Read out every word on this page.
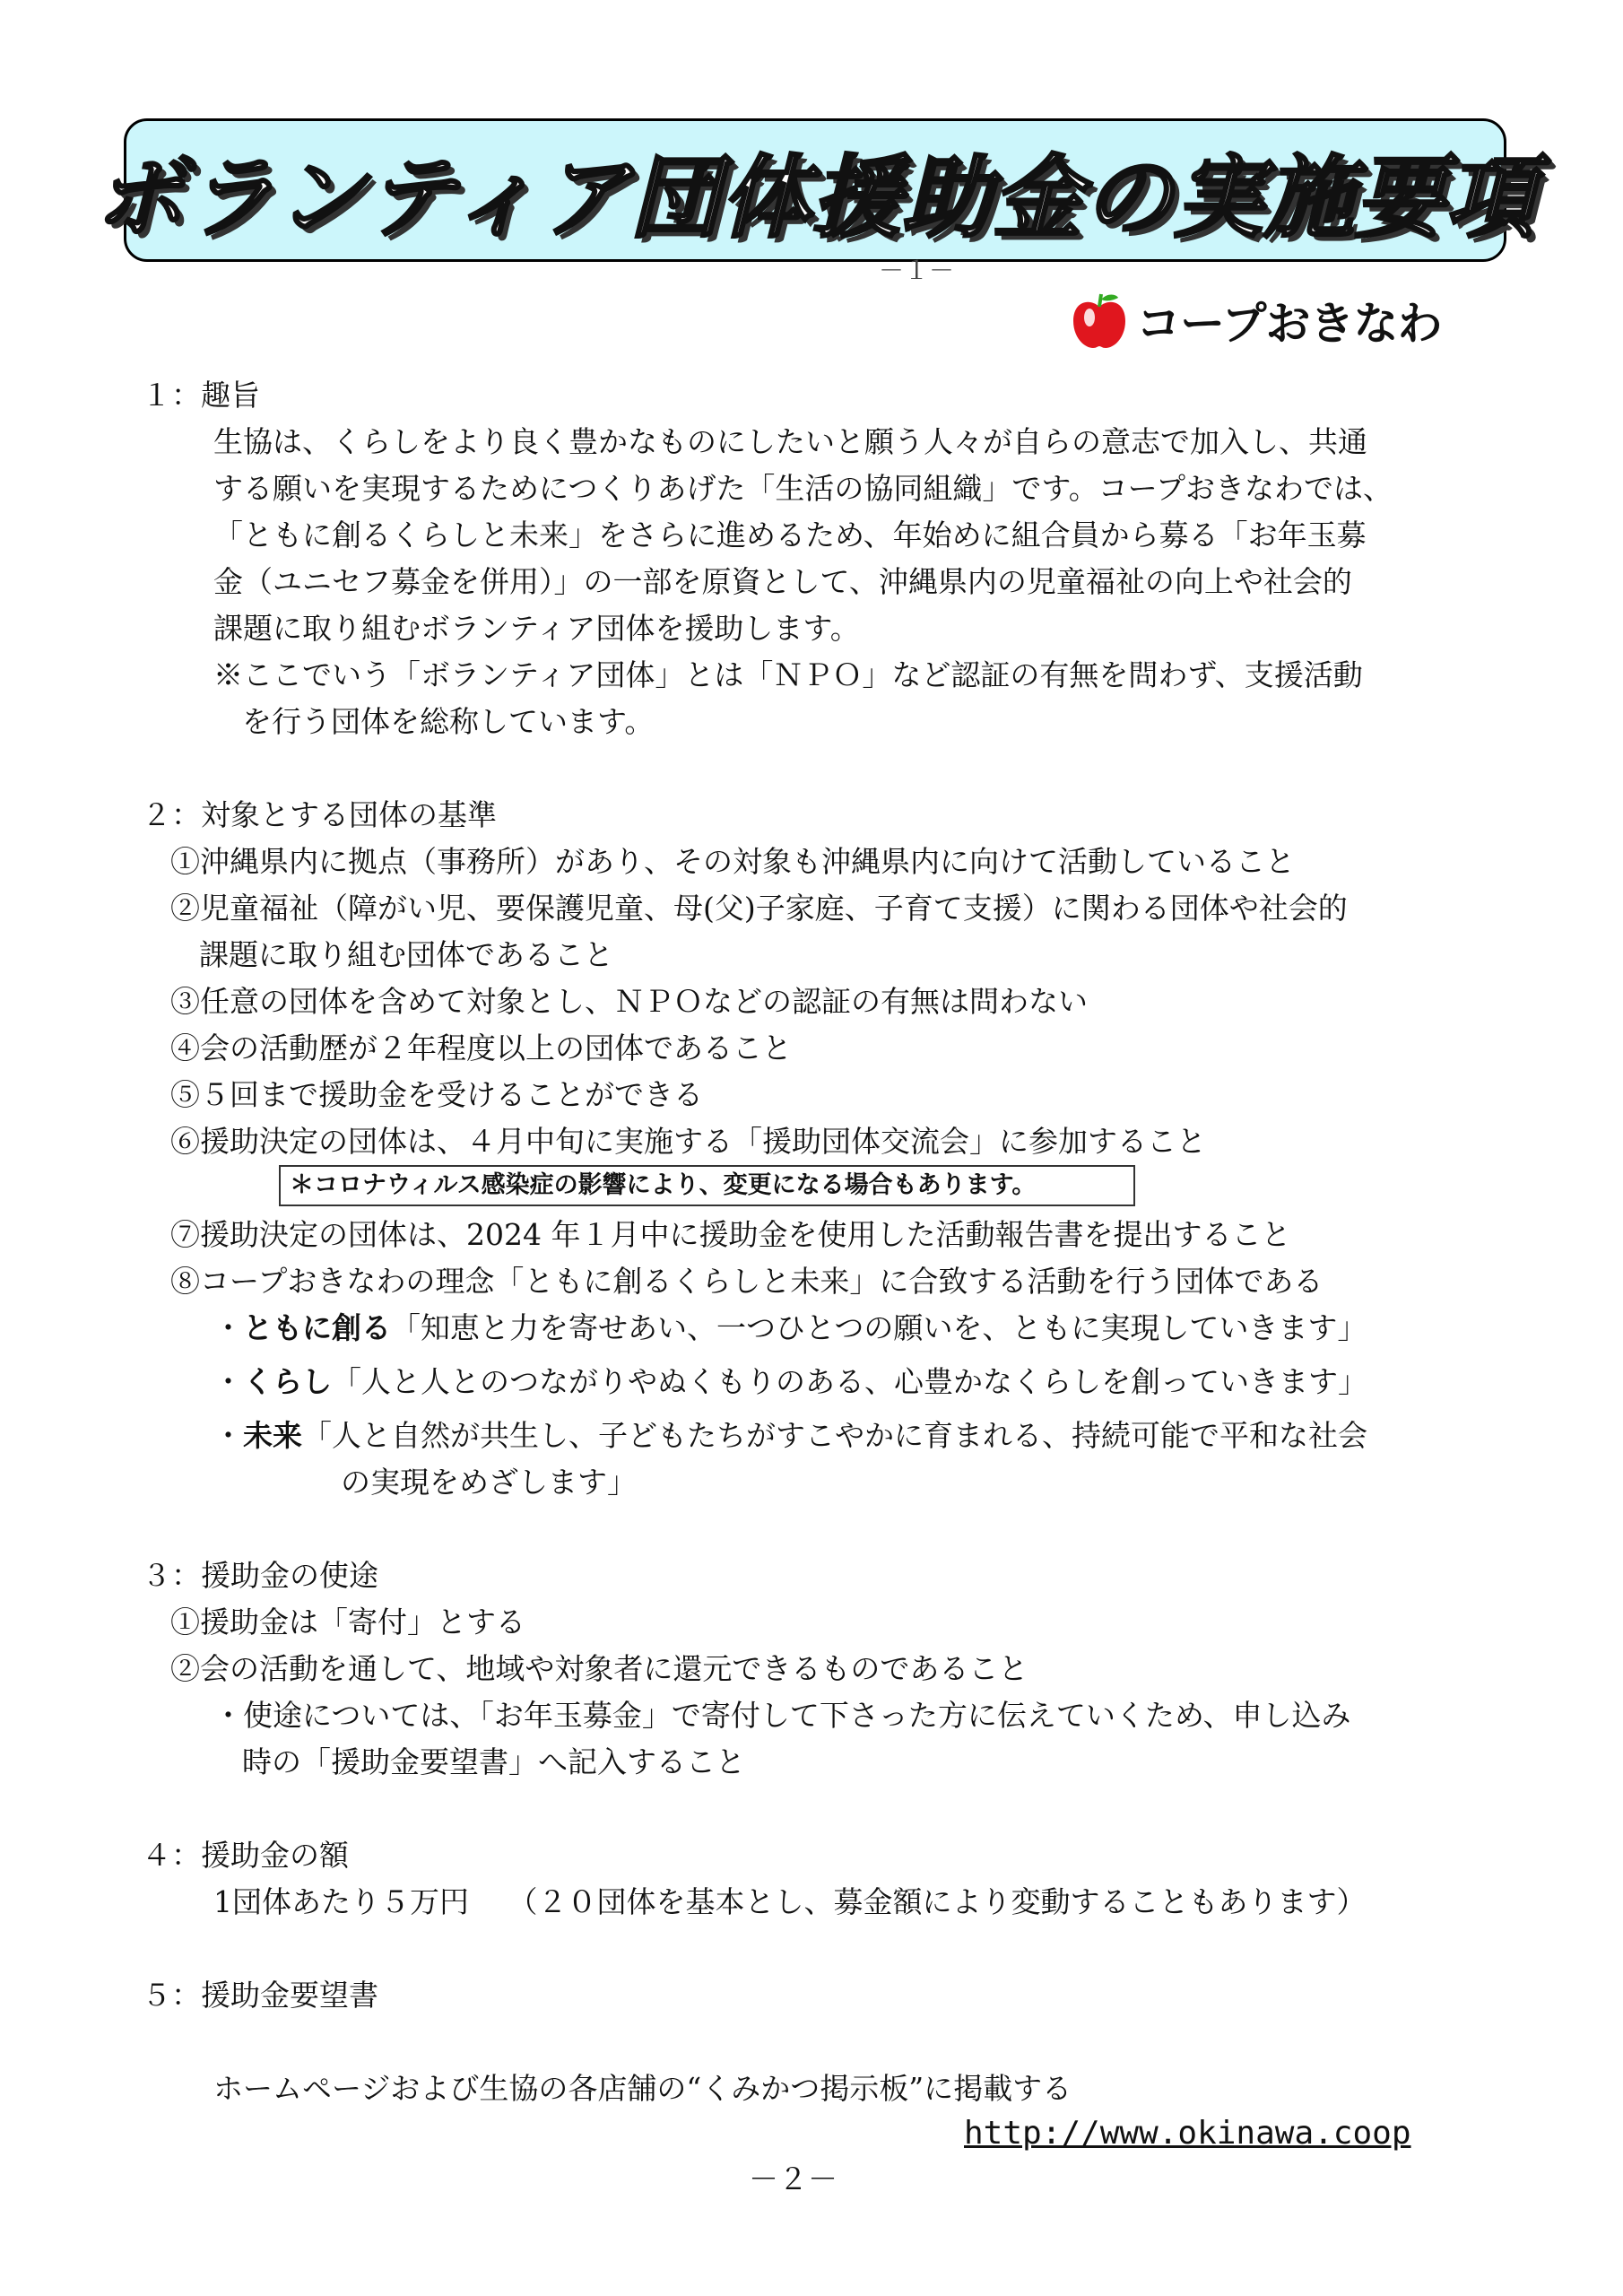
ボランティア団体援助金の実施要項
－１－
コープおきなわ
１：趣旨
生協は、くらしをより良く豊かなものにしたいと願う人々が自らの意志で加入し、共通
する願いを実現するためにつくりあげた「生活の協同組織」です。コープおきなわでは、
「ともに創るくらしと未来」をさらに進めるため、年始めに組合員から募る「お年玉募
金（ユニセフ募金を併用）」の一部を原資として、沖縄県内の児童福祉の向上や社会的
課題に取り組むボランティア団体を援助します。
※ここでいう「ボランティア団体」とは「ＮＰＯ」など認証の有無を問わず、支援活動
を行う団体を総称しています。
２：対象とする団体の基準
①沖縄県内に拠点（事務所）があり、その対象も沖縄県内に向けて活動していること
②児童福祉（障がい児、要保護児童、母(父)子家庭、子育て支援）に関わる団体や社会的
課題に取り組む団体であること
③任意の団体を含めて対象とし、ＮＰＯなどの認証の有無は問わない
④会の活動歴が２年程度以上の団体であること
⑤５回まで援助金を受けることができる
⑥援助決定の団体は、４月中旬に実施する「援助団体交流会」に参加すること
＊コロナウィルス感染症の影響により、変更になる場合もあります。
⑦援助決定の団体は、2024 年１月中に援助金を使用した活動報告書を提出すること
⑧コープおきなわの理念「ともに創るくらしと未来」に合致する活動を行う団体である
・ともに創る「知恵と力を寄せあい、一つひとつの願いを、ともに実現していきます」
・くらし「人と人とのつながりやぬくもりのある、心豊かなくらしを創っていきます」
・未来「人と自然が共生し、子どもたちがすこやかに育まれる、持続可能で平和な社会
の実現をめざします」
３：援助金の使途
①援助金は「寄付」とする
②会の活動を通して、地域や対象者に還元できるものであること
・使途については、「お年玉募金」で寄付して下さった方に伝えていくため、申し込み
時の「援助金要望書」へ記入すること
４：援助金の額
1団体あたり５万円　 （２０団体を基本とし、募金額により変動することもあります）
５：援助金要望書
ホームページおよび生協の各店舗の“くみかつ掲示板”に掲載する
http://www.okinawa.coop
－２－
